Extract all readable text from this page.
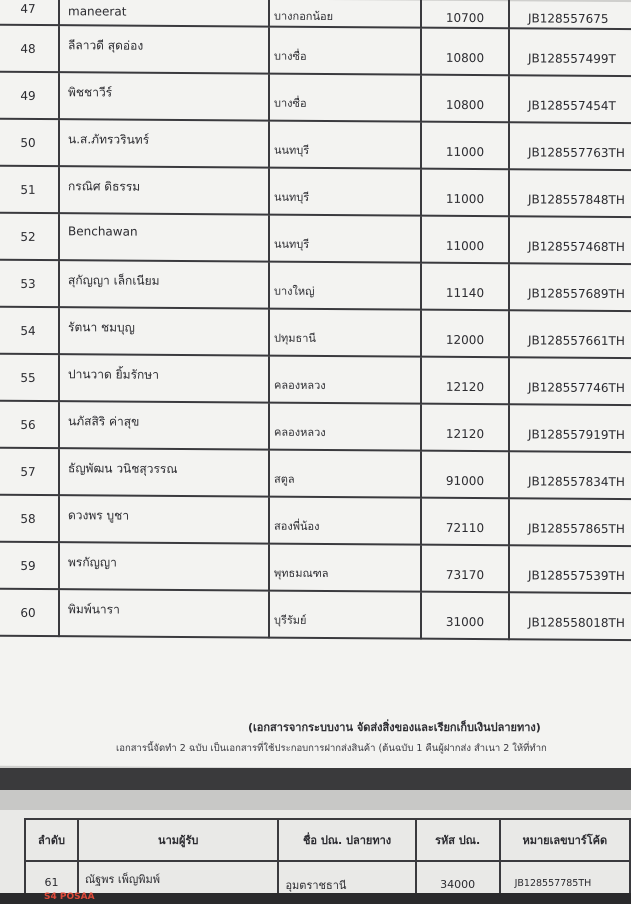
47	maneerat	บางกอกน้อย	10700	JB128557675

48	ลีลาวดี สุดอ่อง	บางซื่อ	10800	JB12855749​9T

49	พิชชาวีร์	บางซื่อ	10800	JB128557454T

50	น.ส.ภัทรวรินทร์	นนทบุรี	11000	JB128557763TH

51	กรณิศ ดิธรรม	นนทบุรี	11000	JB128557848TH

52	Benchawan	นนทบุรี	11000	JB128557468TH

53	สุกัญญา เล็กเนียม	บางใหญ่	11140	JB128557689TH

54	รัตนา ชมบุญ	ปทุมธานี	12000	JB128557661TH

55	ปานวาด ยิ้มรักษา	คลองหลวง	12120	JB128557746TH

56	นภัสสิริ ค่าสุข	คลองหลวง	12120	JB128557919TH

57	ธัญพัฒน วนิชสุวรรณ	สตูล	91000	JB128557834TH

58	ดวงพร บูชา	สองพี่น้อง	72110	JB128557865TH

59	พรกัญญา	พุทธมณฑล	73170	JB128557539TH

60	พิมพ์นารา	บุรีรัมย์	31000	JB128558018TH
(เอกสารจากระบบงาน จัดส่งสิ่งของและเรียกเก็บเงินปลายทาง)
เอกสารนี้จัดทำ 2 ฉบับ เป็นเอกสารที่ใช้ประกอบการฝากส่งสินค้า (ต้นฉบับ 1 คืนผู้ฝากส่ง สำเนา 2 ให้ที่ทำก
ลำดับ	นามผู้รับ	ชื่อ ปณ. ปลายทาง	รหัส ปณ.	หมายเลขบาร์โค้ด
61	ณัฐพร เพ็ญพิมพ์	อุมตราชธานี	34000	JB128557785TH
S4 POSAA
